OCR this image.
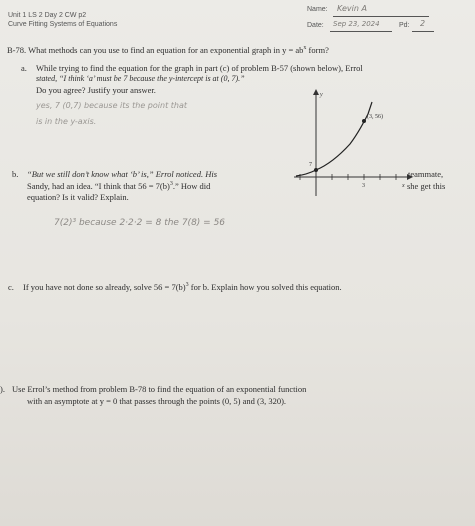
Unit 1 LS 2 Day 2 CW p2
Curve Fitting Systems of Equations
Name: Kevin A
Date: Sep 23, 2024	Pd: 2
B-78. What methods can you use to find an equation for an exponential graph in $y = ab^x$ form?
a. While trying to find the equation for the graph in part (c) of problem B-57 (shown below), Errol
stated, “I think ‘a’ must be 7 because the y-intercept is at (0, 7).”
Do you agree? Justify your answer.
yes, 7 (0,7) because its the point that
is in the y-axis.
y
(3, 56)
7
3	x
b. “But we still don’t know what ‘b’ is,” Errol noticed. His	teammate,
Sandy, had an idea. “I think that $56 = 7(b)^3$.” How did	she get this
equation? Is it valid? Explain.
7(2)³ because 2·2·2 = 8 the 7(8) = 56
c. If you have not done so already, solve $56 = 7(b)^3$ for b. Explain how you solved this equation.
). Use Errol’s method from problem B-78 to find the equation of an exponential function
with an asymptote at y = 0 that passes through the points (0, 5) and (3, 320).
